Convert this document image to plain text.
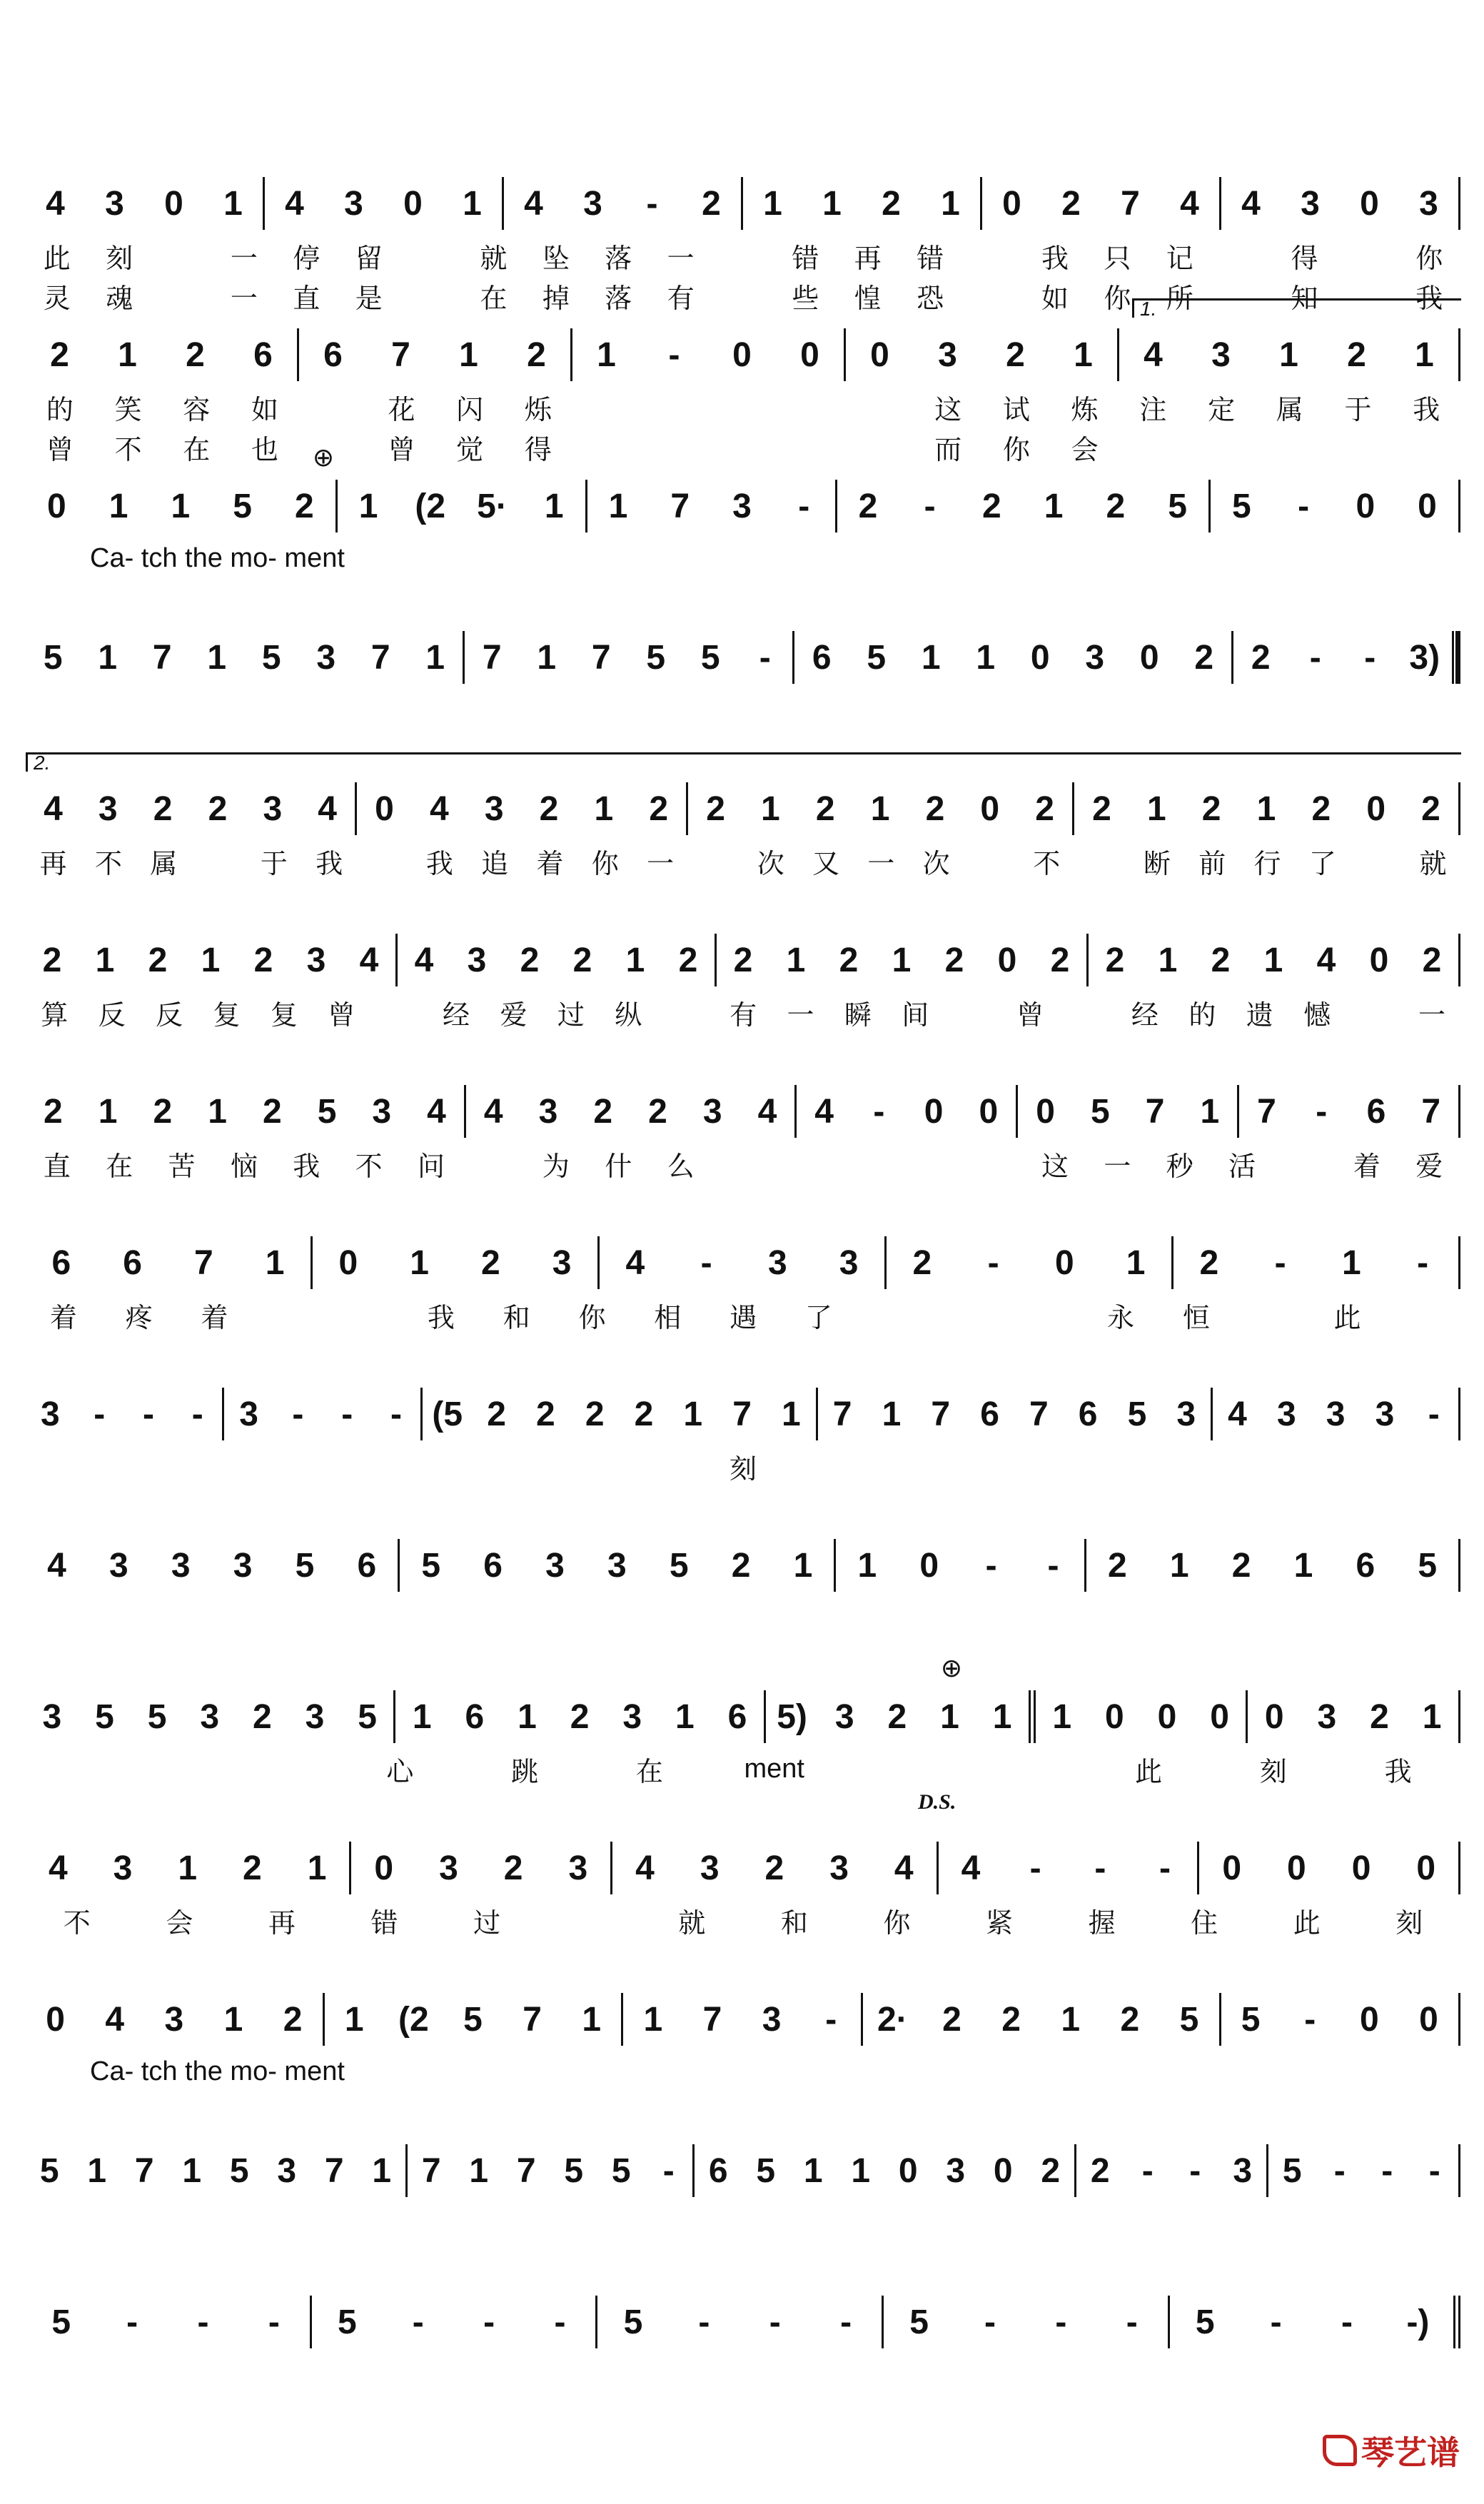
4	3	0	1	4	3	0	1	4	3	-	2	1	1	2	1	0	2	7	4	4	3	0	3
此	刻	一	停	留	就	坠	落	一	错	再	错	我	只	记	得	你
灵	魂	一	直	是	在	掉	落	有	些	惶	恐	如	你	所	知	我
1.
2	1	2	6	6	7	1	2	1	-	0	0	0	3	2	1	4	3	1	2	1
的	笑	容	如	花	闪	烁	这	试	炼	注	定	属	于	我
曾	不	在	也	曾	觉	得	而	你	会
0	1	1	5	2	1	(2 5·	1	1	7	3	-	2	-	2	1	2	5	5	-	0	0
Ca- tch the mo- ment
⊕
5	1	7	1	5	3	7	1	7	1	7	5	5	-	6	5	1	1	0	3	0	2	2	-	- 3)
2.
4	3	2	2	3	4	0	4	3	2	1	2	2	1	2	1	2	0	2	2	1	2	1	2	0	2
再	不	属	于	我	我	追	着	你	一	次	又	一	次	不	断	前	行	了	就
2 1 2 1 2 3 4	4 3 2 2 1 2	2 1 2 1 2 0 2	2 1 2 1 4 0 2
算	反	反	复	复	曾	经	爱	过	纵	有	一	瞬	间	曾	经	的	遗	憾	一
2	1	2	1	2	5	3	4	4	3	2	2	3	4	4	-	0	0	0	5	7	1	7	-	6	7
直	在	苦	恼	我	不	问	为	什	么	这	一	秒	活	着	爱
6	6	7	1	0	1	2	3	4	-	3	3	2	-	0	1	2	-	1	-
着	疼	着	我	和	你	相	遇	了	永	恒	此
3 -	-	-	3 -	-	- (5 2 2 2 2 1 7 1 7 1 7 6 7 6 5 3 4 3 3 3 -
刻
4	3	3	3	5	6	5	6	3	3	5	2	1	1	0	-	-	2	1	2	1	6	5
3 5 5 3 2 3 5	1 6 1 2 3 1 6 5) 3 2 1 1	1 0 0 0	0 3 2 1
心	跳	在	ment	此	刻	我
D.S.
⊕
4	3	1	2	1	0	3	2	3	4	3	2	3	4	4	-	-	-	0	0	0	0
不	会	再	错	过	就	和	你	紧	握	住	此	刻
0	4	3	1	2	1	(2	5	7	1	1	7	3	-	2·	2	2	1	2	5	5	-	0	0
Ca- tch the mo- ment
5 1 7 1 5 3 7 1 7 1 7 5 5 -	6 5 1 1 0 3 0 2 2 -	- 3 5 -	-	-
5	-	-	-	5	-	-	-	5	-	-	-	5	-	-	-	5	-	-	-)
琴艺谱
